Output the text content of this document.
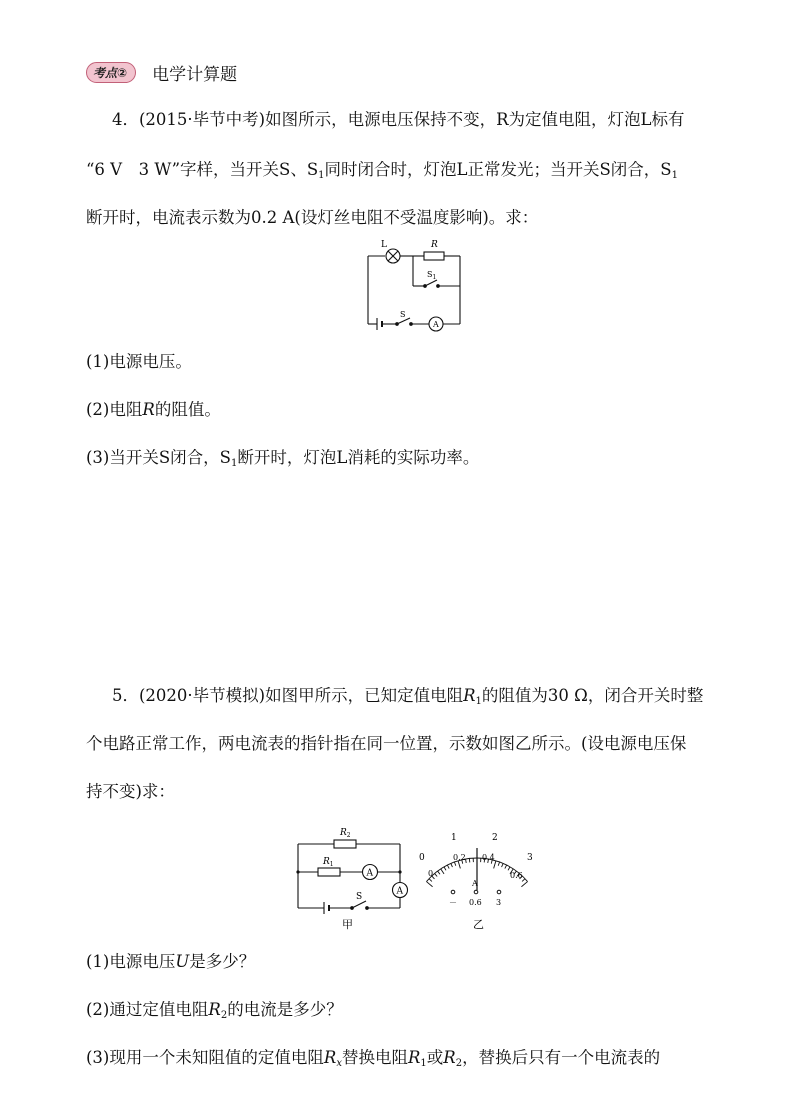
考点②	电学计算题
4．(2015·毕节中考)如图所示，电源电压保持不变，R为定值电阻，灯泡L标有
“6 V　3 W”字样，当开关S、$S_1$同时闭合时，灯泡L正常发光；当开关S闭合，$S_1$
断开时，电流表示数为0.2 A(设灯丝电阻不受温度影响)。求：
L	R
$S_1$
S
A
(1)电源电压。
(2)电阻R的阻值。
(3)当开关S闭合，$S_1$断开时，灯泡L消耗的实际功率。
5．(2020·毕节模拟)如图甲所示，已知定值电阻$R_1$的阻值为30 Ω，闭合开关时整
个电路正常工作，两电流表的指针指在同一位置，示数如图乙所示。(设电源电压保
持不变)求：
$R_2$
$R_1$
A
A
S
甲
0
1	2
3
0
0.2 0.4
0.6
A
－ 0.6 3
乙
(1)电源电压U是多少？
(2)通过定值电阻$R_2$的电流是多少？
(3)现用一个未知阻值的定值电阻$R_x$替换电阻$R_1$或$R_2$，替换后只有一个电流表的
